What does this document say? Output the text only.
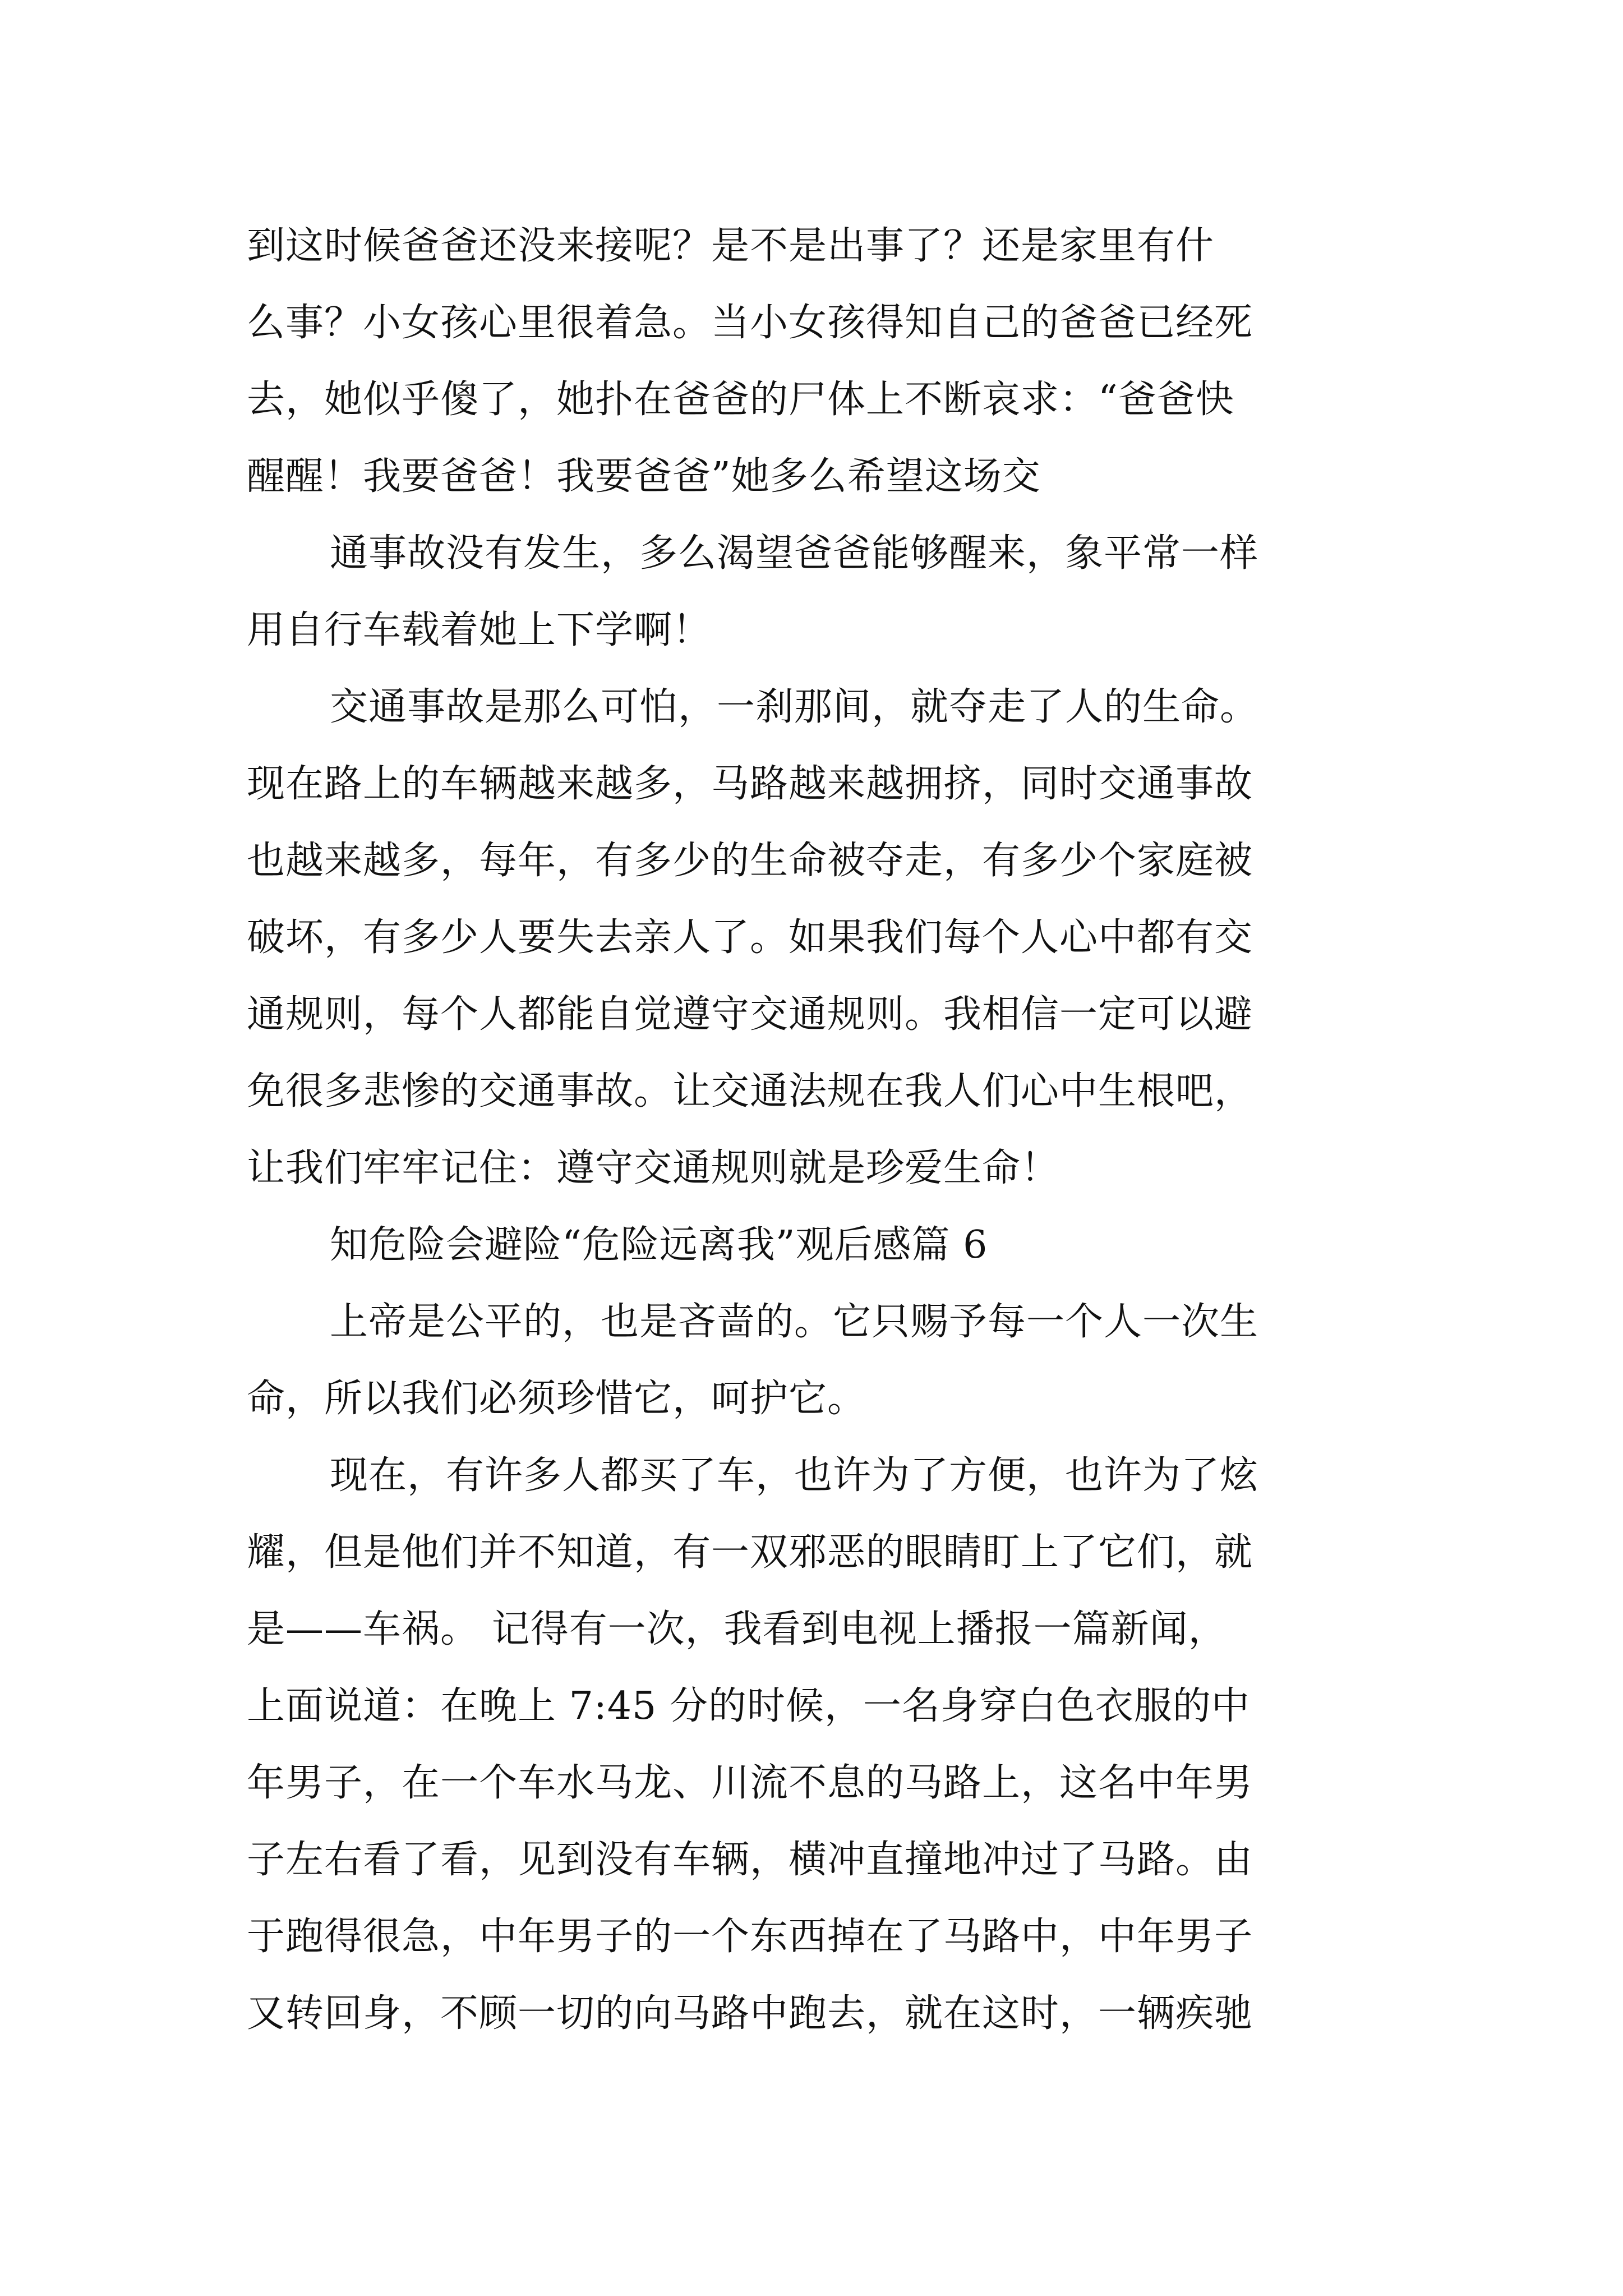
到这时候爸爸还没来接呢？是不是出事了？还是家里有什
么事？小女孩心里很着急。当小女孩得知自己的爸爸已经死
去，她似乎傻了，她扑在爸爸的尸体上不断哀求：“爸爸快
醒醒！我要爸爸！我要爸爸”她多么希望这场交
通事故没有发生，多么渴望爸爸能够醒来，象平常一样
用自行车载着她上下学啊！
交通事故是那么可怕，一刹那间，就夺走了人的生命。
现在路上的车辆越来越多，马路越来越拥挤，同时交通事故
也越来越多，每年，有多少的生命被夺走，有多少个家庭被
破坏，有多少人要失去亲人了。如果我们每个人心中都有交
通规则，每个人都能自觉遵守交通规则。我相信一定可以避
免很多悲惨的交通事故。让交通法规在我人们心中生根吧，
让我们牢牢记住：遵守交通规则就是珍爱生命！
知危险会避险“危险远离我”观后感篇 6
上帝是公平的，也是吝啬的。它只赐予每一个人一次生
命，所以我们必须珍惜它，呵护它。
现在，有许多人都买了车，也许为了方便，也许为了炫
耀，但是他们并不知道，有一双邪恶的眼睛盯上了它们，就
是——车祸。 记得有一次，我看到电视上播报一篇新闻，
上面说道：在晚上 7:45 分的时候，一名身穿白色衣服的中
年男子，在一个车水马龙、川流不息的马路上，这名中年男
子左右看了看，见到没有车辆，横冲直撞地冲过了马路。由
于跑得很急，中年男子的一个东西掉在了马路中，中年男子
又转回身，不顾一切的向马路中跑去，就在这时，一辆疾驰
